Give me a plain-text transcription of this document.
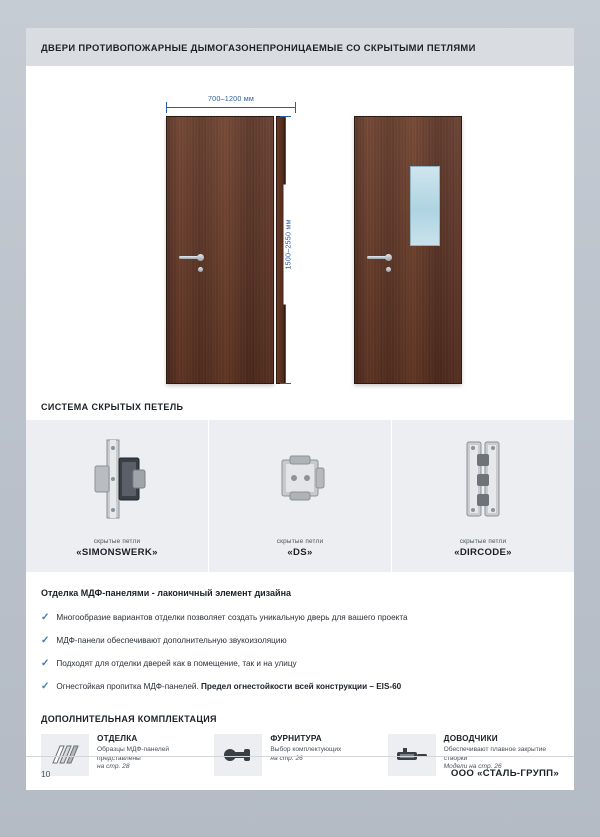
ДВЕРИ ПРОТИВОПОЖАРНЫЕ ДЫМОГАЗОНЕПРОНИЦАЕМЫЕ СО СКРЫТЫМИ ПЕТЛЯМИ
700–1200 мм
1500–2550 мм
СИСТЕМА СКРЫТЫХ ПЕТЕЛЬ
скрытые петли
«SIMONSWERK»
скрытые петли
«DS»
скрытые петли
«DIRCODE»
Отделка МДФ-панелями - лаконичный элемент дизайна
✓ Многообразие вариантов отделки позволяет создать уникальную дверь для вашего проекта
✓ МДФ-панели обеспечивают дополнительную звукоизоляцию
✓ Подходят для отделки дверей как в помещение, так и на улицу
✓ Огнестойкая пропитка МДФ-панелей. Предел огнестойкости всей конструкции – EIS-60
ДОПОЛНИТЕЛЬНАЯ КОМПЛЕКТАЦИЯ
ОТДЕЛКА

Образцы МДФ-панелей представлены

на стр. 28

ФУРНИТУРА

Выбор комплектующих

на стр. 26

ДОВОДЧИКИ

Обеспечивают плавное закрытие створки

Модели на стр. 26

10	ООО «СТАЛЬ-ГРУПП»
